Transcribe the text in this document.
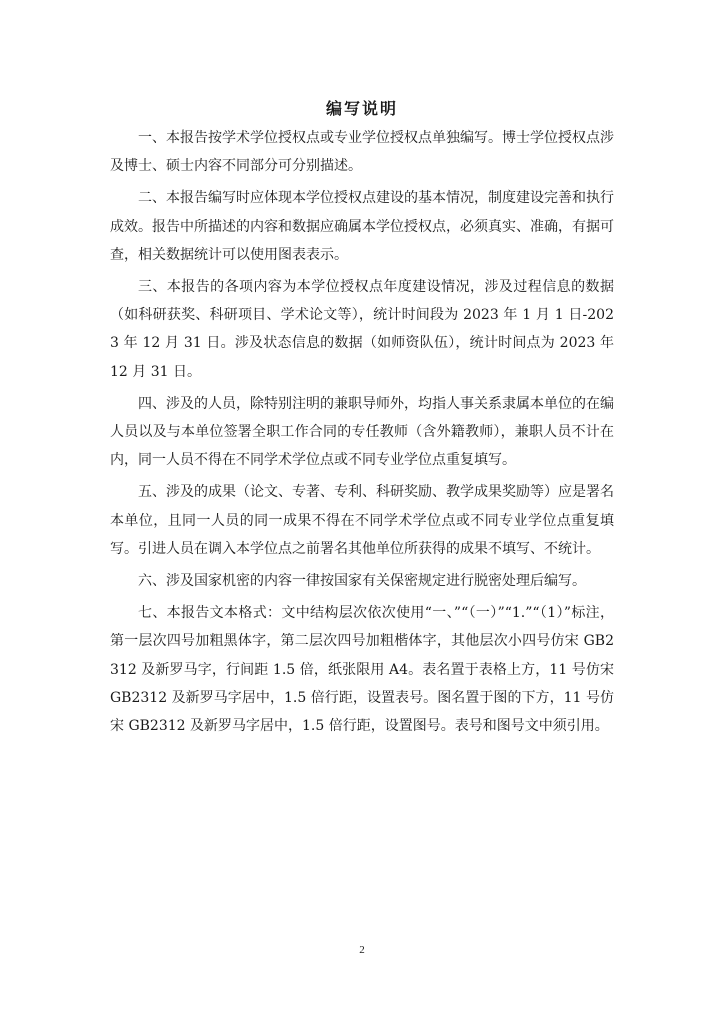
编写说明

一、本报告按学术学位授权点或专业学位授权点单独编写。博士学位授权点涉及博士、硕士内容不同部分可分别描述。

二、本报告编写时应体现本学位授权点建设的基本情况，制度建设完善和执行成效。报告中所描述的内容和数据应确属本学位授权点，必须真实、准确，有据可查，相关数据统计可以使用图表表示。

三、本报告的各项内容为本学位授权点年度建设情况，涉及过程信息的数据（如科研获奖、科研项目、学术论文等），统计时间段为 2023 年 1 月 1 日-2023 年 12 月 31 日。涉及状态信息的数据（如师资队伍），统计时间点为 2023 年 12 月 31 日。

四、涉及的人员，除特别注明的兼职导师外，均指人事关系隶属本单位的在编人员以及与本单位签署全职工作合同的专任教师（含外籍教师），兼职人员不计在内，同一人员不得在不同学术学位点或不同专业学位点重复填写。

五、涉及的成果（论文、专著、专利、科研奖励、教学成果奖励等）应是署名本单位，且同一人员的同一成果不得在不同学术学位点或不同专业学位点重复填写。引进人员在调入本学位点之前署名其他单位所获得的成果不填写、不统计。

六、涉及国家机密的内容一律按国家有关保密规定进行脱密处理后编写。

七、本报告文本格式：文中结构层次依次使用“一、”“（一）”“1.”“（1）”标注，第一层次四号加粗黑体字，第二层次四号加粗楷体字，其他层次小四号仿宋 GB2312 及新罗马字，行间距 1.5 倍，纸张限用 A4。表名置于表格上方，11 号仿宋 GB2312 及新罗马字居中，1.5 倍行距，设置表号。图名置于图的下方，11 号仿宋 GB2312 及新罗马字居中，1.5 倍行距，设置图号。表号和图号文中须引用。

2
